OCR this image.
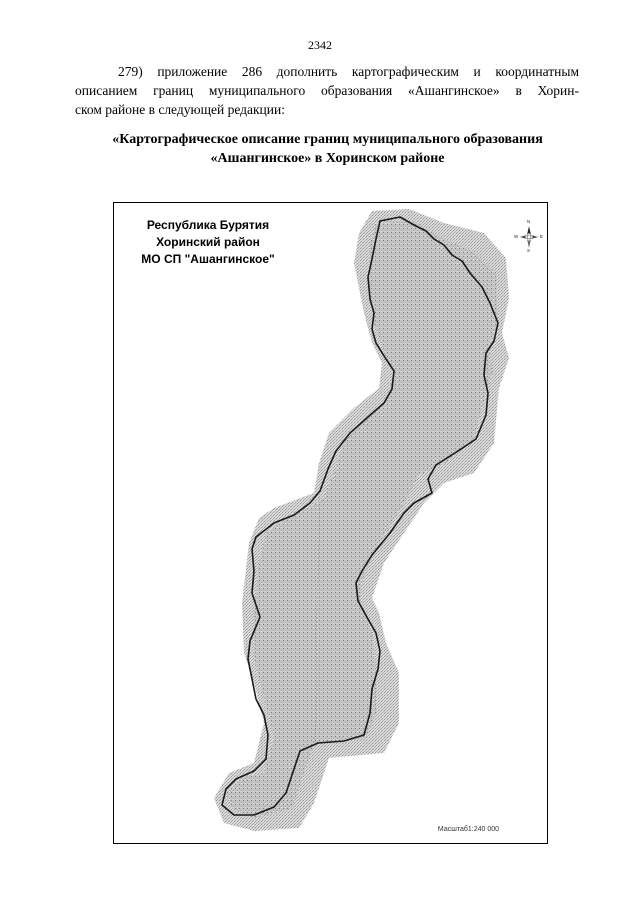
2342
279) приложение 286 дополнить картографическим и координатным
описанием границ муниципального образования «Ашангинское» в Хорин-
ском районе в следующей редакции:
«Картографическое описание границ муниципального образования
«Ашангинское» в Хоринском районе
Республика Бурятия
Хоринский район
МО СП "Ашангинское"
N
S
E
W
Масштаб1:240 000
